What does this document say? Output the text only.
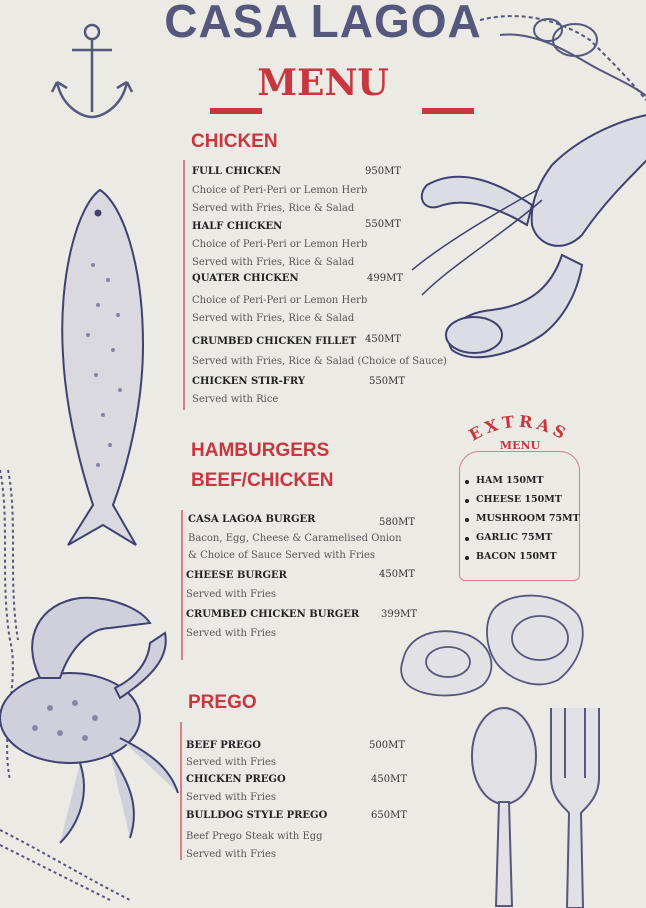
CASA LAGOA
MENU
CHICKEN
FULL CHICKEN	950MT
Choice of Peri-Peri or Lemon Herb
Served with Fries, Rice & Salad
HALF CHICKEN	550MT
Choice of Peri-Peri or Lemon Herb
Served with Fries, Rice & Salad
QUATER CHICKEN	499MT
Choice of Peri-Peri or Lemon Herb
Served with Fries, Rice & Salad
CRUMBED CHICKEN FILLET 450MT
Served with Fries, Rice & Salad (Choice of Sauce)
CHICKEN STIR-FRY	550MT
Served with Rice
HAMBURGERS
BEEF/CHICKEN
CASA LAGOA BURGER	580MT
Bacon, Egg, Cheese & Caramelised Onion
& Choice of Sauce Served with Fries
CHEESE BURGER	450MT
Served with Fries
CRUMBED CHICKEN BURGER 399MT
Served with Fries
PREGO
BEEF PREGO	500MT
Served with Fries
CHICKEN PREGO	450MT
Served with Fries
BULLDOG STYLE PREGO	650MT
Beef Prego Steak with Egg
Served with Fries
EXTRAS
MENU
HAM 150MT
CHEESE 150MT
MUSHROOM 75MT
GARLIC 75MT
BACON 150MT
